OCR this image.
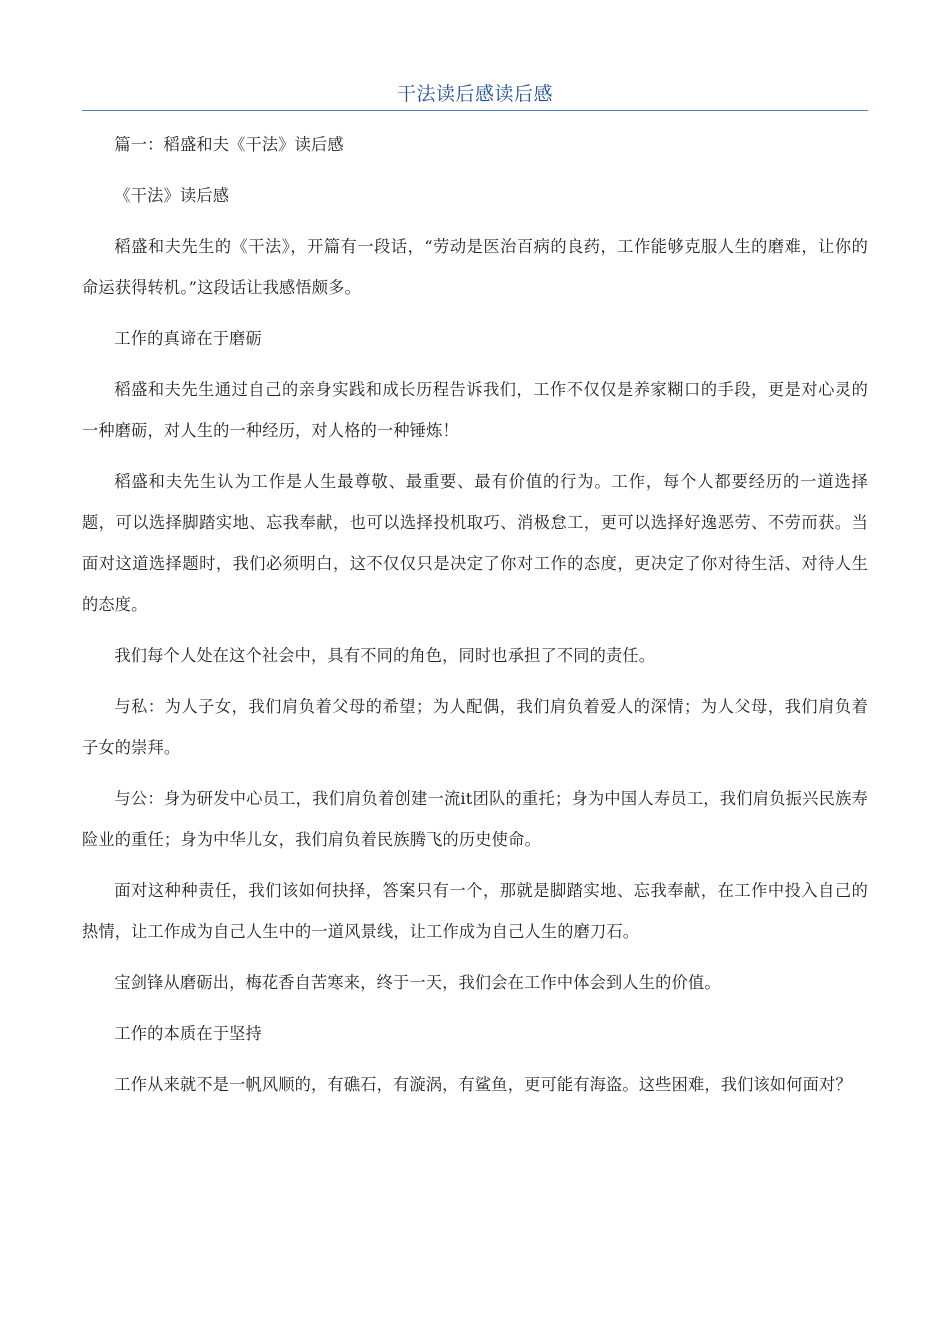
干法读后感读后感

篇一：稻盛和夫《干法》读后感

《干法》读后感

稻盛和夫先生的《干法》，开篇有一段话，“劳动是医治百病的良药，工作能够克服人生的磨难，让你的命运获得转机。”这段话让我感悟颇多。

工作的真谛在于磨砺

稻盛和夫先生通过自己的亲身实践和成长历程告诉我们，工作不仅仅是养家糊口的手段，更是对心灵的一种磨砺，对人生的一种经历，对人格的一种锤炼！

稻盛和夫先生认为工作是人生最尊敬、最重要、最有价值的行为。工作，每个人都要经历的一道选择题，可以选择脚踏实地、忘我奉献，也可以选择投机取巧、消极怠工，更可以选择好逸恶劳、不劳而获。当面对这道选择题时，我们必须明白，这不仅仅只是决定了你对工作的态度，更决定了你对待生活、对待人生的态度。

我们每个人处在这个社会中，具有不同的角色，同时也承担了不同的责任。

与私：为人子女，我们肩负着父母的希望；为人配偶，我们肩负着爱人的深情；为人父母，我们肩负着子女的崇拜。

与公：身为研发中心员工，我们肩负着创建一流it团队的重托；身为中国人寿员工，我们肩负振兴民族寿险业的重任；身为中华儿女，我们肩负着民族腾飞的历史使命。

面对这种种责任，我们该如何抉择，答案只有一个，那就是脚踏实地、忘我奉献，在工作中投入自己的热情，让工作成为自己人生中的一道风景线，让工作成为自己人生的磨刀石。

宝剑锋从磨砺出，梅花香自苦寒来，终于一天，我们会在工作中体会到人生的价值。

工作的本质在于坚持

工作从来就不是一帆风顺的，有礁石，有漩涡，有鲨鱼，更可能有海盗。这些困难，我们该如何面对？
